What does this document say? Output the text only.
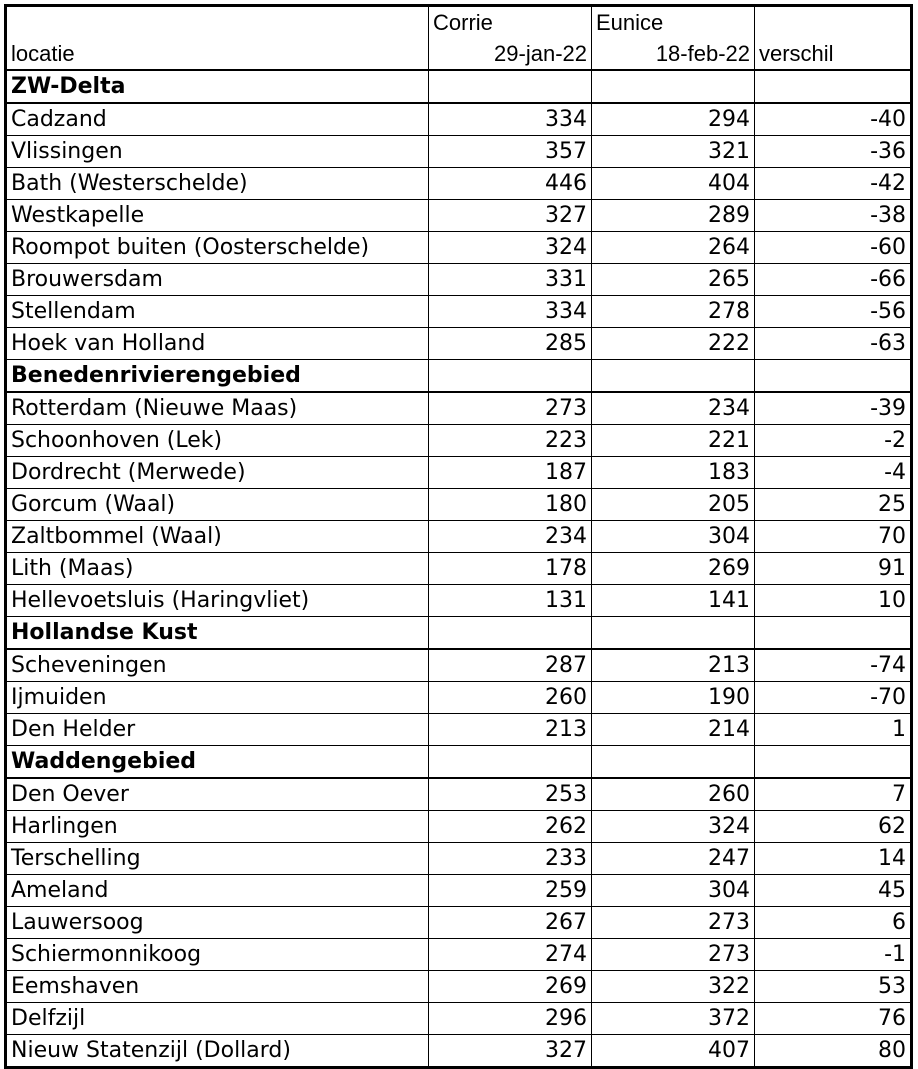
	Corrie	Eunice	
locatie	29-jan-22	18-feb-22	verschil
ZW-Delta			
Cadzand	334	294	-40
Vlissingen	357	321	-36
Bath (Westerschelde)	446	404	-42
Westkapelle	327	289	-38
Roompot buiten (Oosterschelde)	324	264	-60
Brouwersdam	331	265	-66
Stellendam	334	278	-56
Hoek van Holland	285	222	-63
Benedenrivierengebied			
Rotterdam (Nieuwe Maas)	273	234	-39
Schoonhoven (Lek)	223	221	-2
Dordrecht (Merwede)	187	183	-4
Gorcum (Waal)	180	205	25
Zaltbommel (Waal)	234	304	70
Lith (Maas)	178	269	91
Hellevoetsluis (Haringvliet)	131	141	10
Hollandse Kust			
Scheveningen	287	213	-74
Ijmuiden	260	190	-70
Den Helder	213	214	1
Waddengebied			
Den Oever	253	260	7
Harlingen	262	324	62
Terschelling	233	247	14
Ameland	259	304	45
Lauwersoog	267	273	6
Schiermonnikoog	274	273	-1
Eemshaven	269	322	53
Delfzijl	296	372	76
Nieuw Statenzijl (Dollard)	327	407	80
